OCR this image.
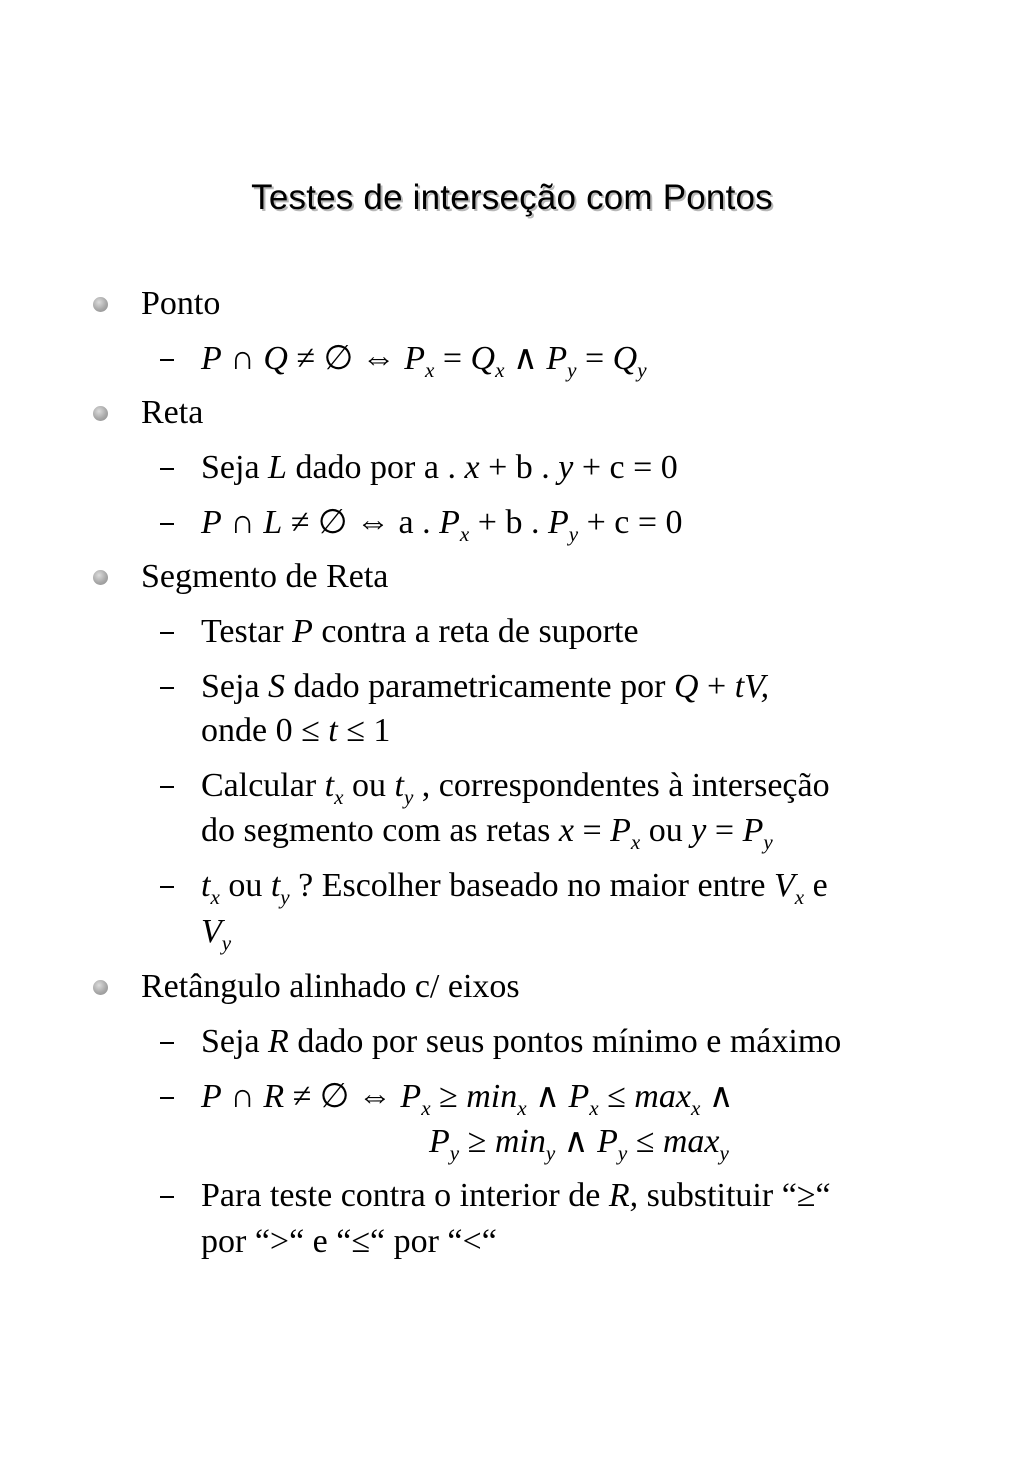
Testes de interseção com Pontos
Ponto
P ∩ Q ≠ ∅ ⇔ $P_x = Q_x$ ∧ $P_y = Q_y$
Reta
Seja L dado por a . x + b . y + c = 0
P ∩ L ≠ ∅ ⇔ a . $P_x + b$ . $P_y + c = 0$
Segmento de Reta
Testar P contra a reta de suporte
Seja S dado parametricamente por Q + tV,
onde 0 ≤ t ≤ 1
Calcular $t_x$ ou $t_y$ , correspondentes à interseção
do segmento com as retas $x = P_x$ ou $y = P_y$
$t_x$ ou $t_y$ ? Escolher baseado no maior entre $V_x$ e
$V_y$
Retângulo alinhado c/ eixos
Seja R dado por seus pontos mínimo e máximo
P ∩ R ≠ ∅ ⇔ $P_x \ge \min_x$ ∧ $P_x \le \max_x$ ∧
$P_y \ge \min_y$ ∧ $P_y \le \max_y$
Para teste contra o interior de R, substituir “≥“
por “>“ e “≤“ por “<“
